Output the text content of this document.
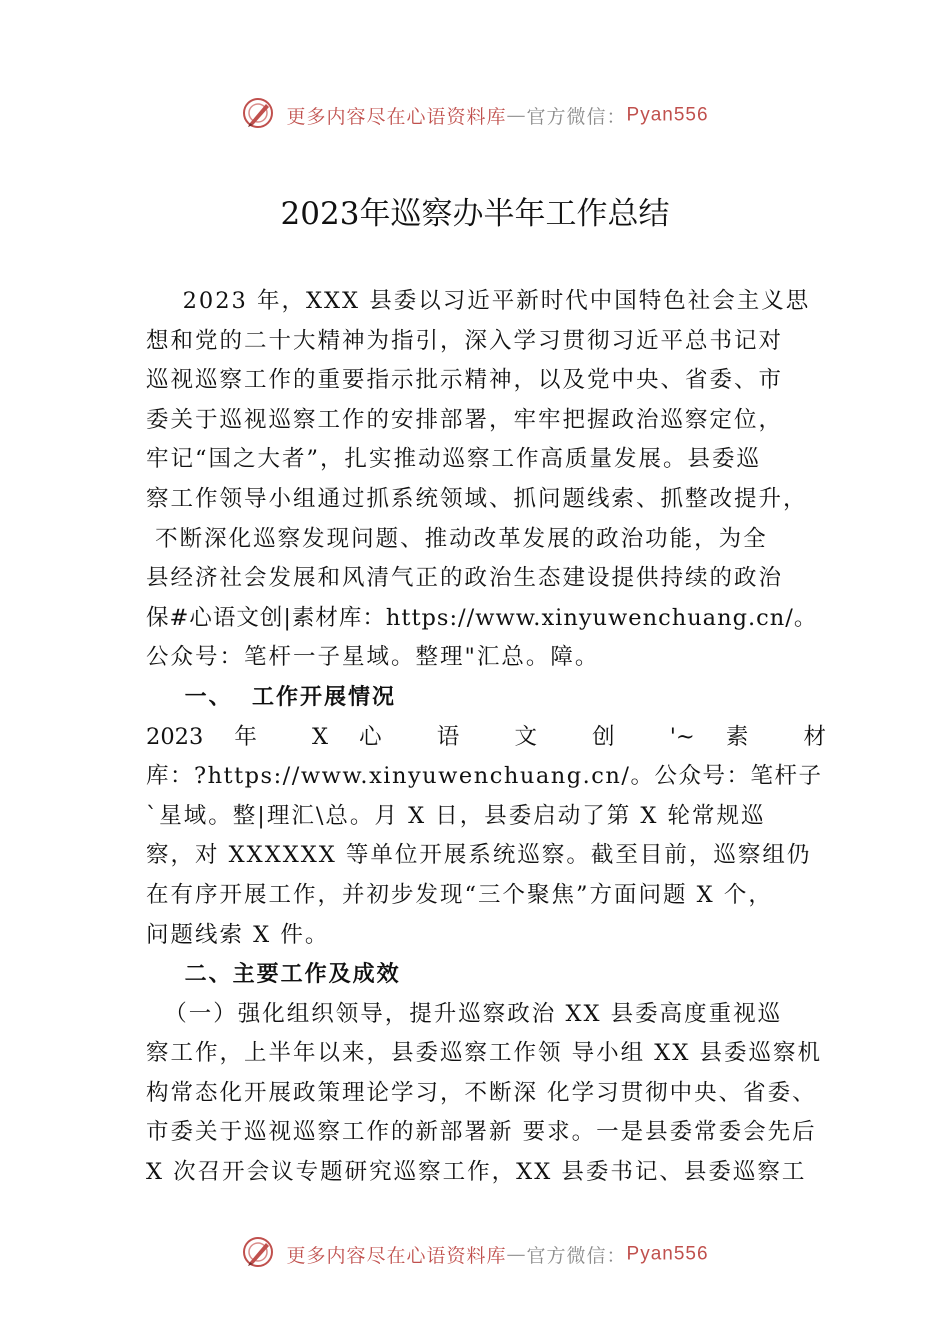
更多内容尽在心语资料库—官方微信：Pyan556
2023年巡察办半年工作总结
2023 年，XXX 县委以习近平新时代中国特色社会主义思
想和党的二十大精神为指引，深入学习贯彻习近平总书记对
巡视巡察工作的重要指示批示精神，以及党中央、省委、市
委关于巡视巡察工作的安排部署，牢牢把握政治巡察定位，
牢记“国之大者”，扎实推动巡察工作高质量发展。县委巡
察工作领导小组通过抓系统领域、抓问题线索、抓整改提升，
不断深化巡察发现问题、推动改革发展的政治功能，为全
县经济社会发展和风清气正的政治生态建设提供持续的政治
保#心语文创|素材库：https://www.xinyuwenchuang.cn/。
公众号：笔杆一子星域。整理"汇总。障。
一、  工作开展情况
2023 年 X 心 语 文 创 '~ 素 材
库：?https://www.xinyuwenchuang.cn/。公众号：笔杆子
`星域。整|理汇\总。月 X 日，县委启动了第 X 轮常规巡
察，对 XXXXXX 等单位开展系统巡察。截至目前，巡察组仍
在有序开展工作，并初步发现“三个聚焦”方面问题 X 个，
问题线索 X 件。
二、主要工作及成效
（一）强化组织领导，提升巡察政治 XX 县委高度重视巡
察工作，上半年以来，县委巡察工作领 导小组 XX 县委巡察机
构常态化开展政策理论学习，不断深 化学习贯彻中央、省委、
市委关于巡视巡察工作的新部署新 要求。一是县委常委会先后
X 次召开会议专题研究巡察工作，XX 县委书记、县委巡察工
更多内容尽在心语资料库—官方微信：Pyan556
